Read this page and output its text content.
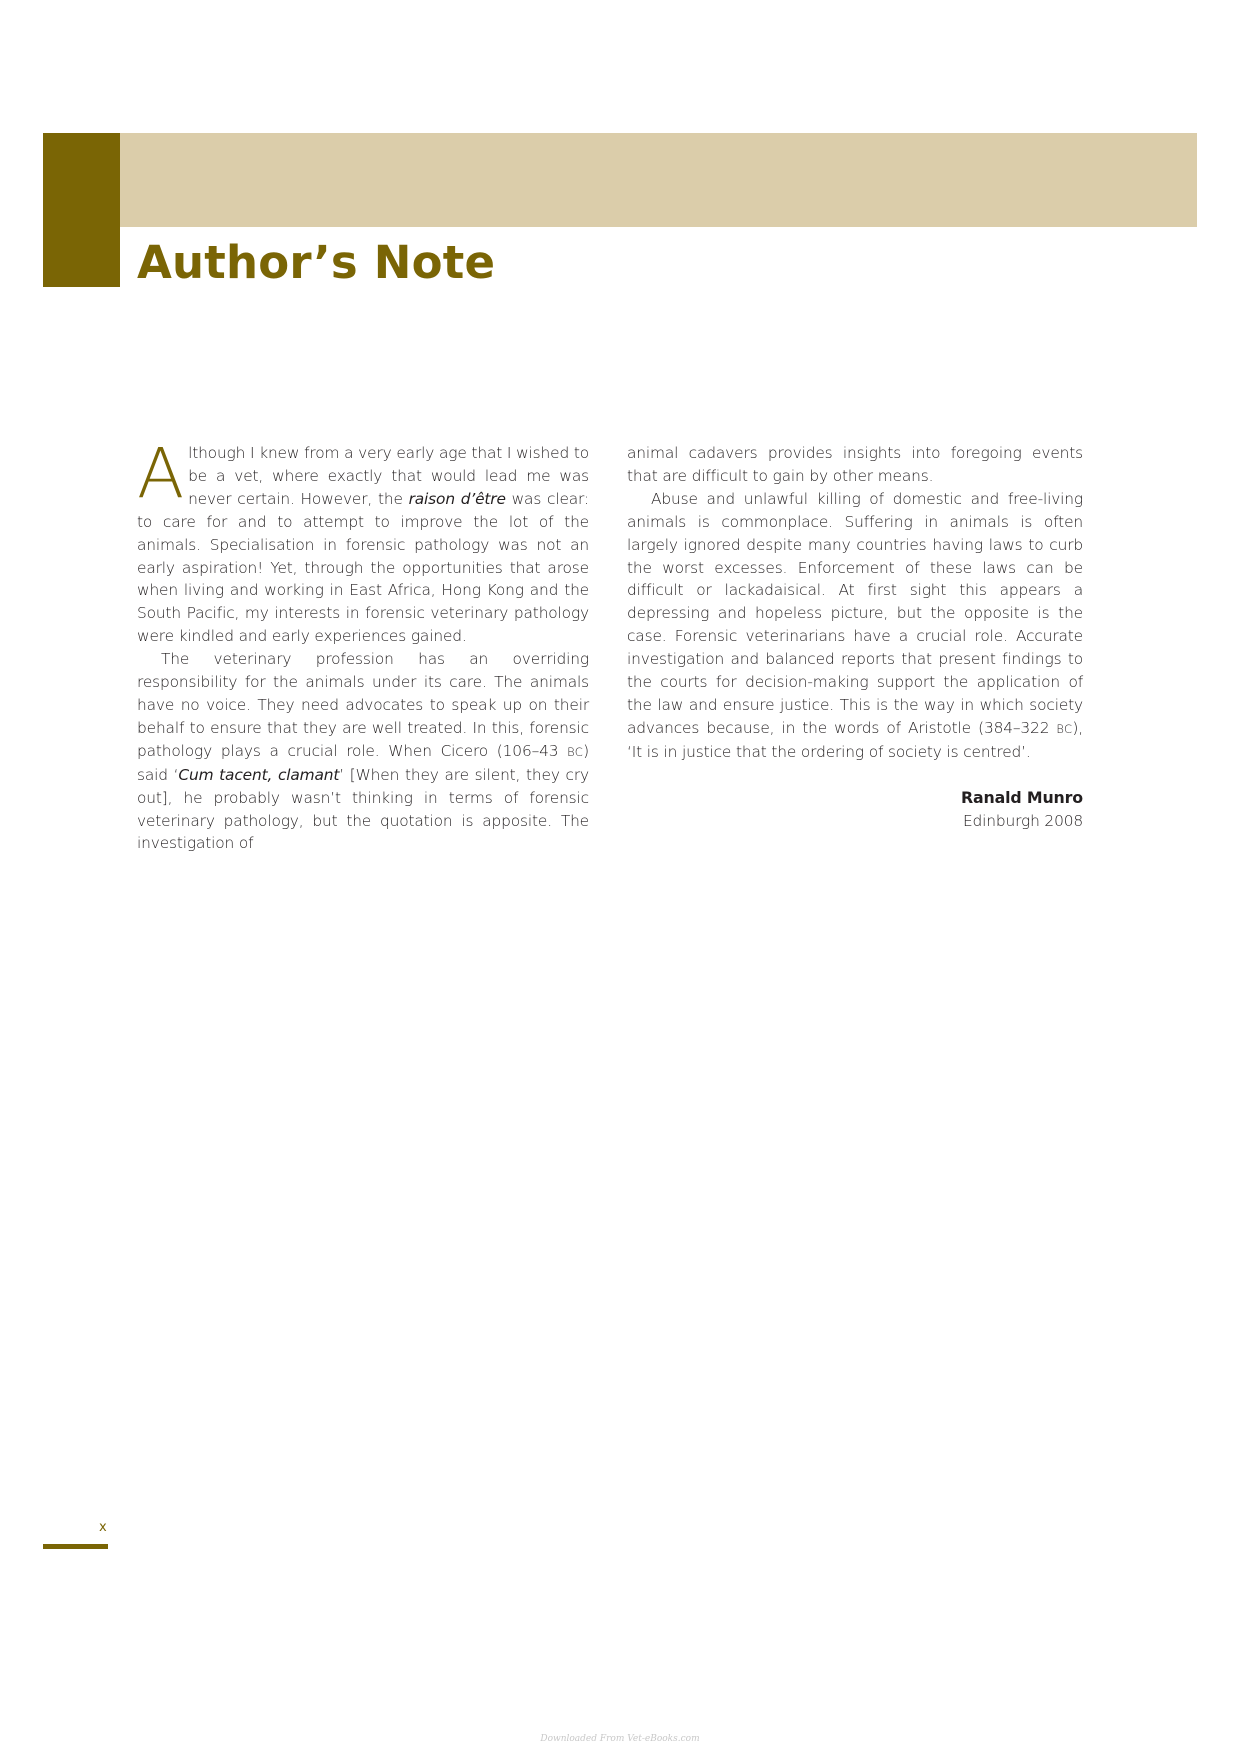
Author’s Note

Although I knew from a very early age that I wished to be a vet, where exactly that would lead me was never certain. However, the raison d’être was clear: to care for and to attempt to improve the lot of the animals. Specialisation in forensic pathology was not an early aspiration! Yet, through the opportunities that arose when living and working in East Africa, Hong Kong and the South Pacific, my interests in forensic veterinary pathology were kindled and early experiences gained.

The veterinary profession has an overriding responsibility for the animals under its care. The animals have no voice. They need advocates to speak up on their behalf to ensure that they are well treated. In this, forensic pathology plays a crucial role. When Cicero (106–43 BC) said ‘Cum tacent, clamant’ [When they are silent, they cry out], he probably wasn’t thinking in terms of forensic veterinary pathology, but the quotation is apposite. The investigation of

animal cadavers provides insights into foregoing events that are difficult to gain by other means.

Abuse and unlawful killing of domestic and free-living animals is commonplace. Suffering in animals is often largely ignored despite many countries having laws to curb the worst excesses. Enforcement of these laws can be difficult or lackadaisical. At first sight this appears a depressing and hopeless picture, but the opposite is the case. Forensic veterinarians have a crucial role. Accurate investigation and balanced reports that present findings to the courts for decision-making support the application of the law and ensure justice. This is the way in which society advances because, in the words of Aristotle (384–322 BC), ‘It is in justice that the ordering of society is centred’.

Ranald Munro
Edinburgh 2008
x
Downloaded From Vet-eBooks.com
